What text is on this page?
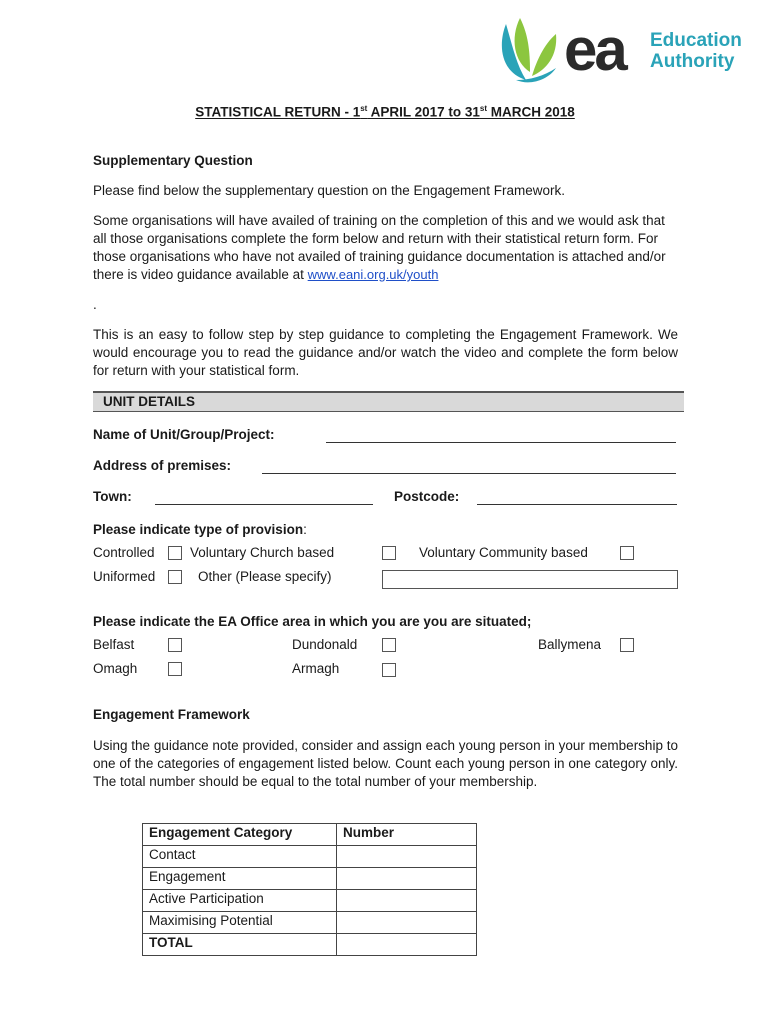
ea Education
Authority
STATISTICAL RETURN - 1st APRIL 2017 to 31st MARCH 2018
Supplementary Question
Please find below the supplementary question on the Engagement Framework.
Some organisations will have availed of training on the completion of this and we would ask that all those organisations complete the form below and return with their statistical return form. For those organisations who have not availed of training guidance documentation is attached and/or there is video guidance available at www.eani.org.uk/youth
.
This is an easy to follow step by step guidance to completing the Engagement Framework. We would encourage you to read the guidance and/or watch the video and complete the form below for return with your statistical form.
UNIT DETAILS
Name of Unit/Group/Project:
Address of premises:
Town:	Postcode:
Please indicate type of provision:
Controlled	Voluntary Church based	Voluntary Community based
Uniformed	Other (Please specify)
Please indicate the EA Office area in which you are you are situated;
Belfast	Dundonald	Ballymena
Omagh	Armagh
Engagement Framework
Using the guidance note provided, consider and assign each young person in your membership to one of the categories of engagement listed below. Count each young person in one category only. The total number should be equal to the total number of your membership.
Engagement Category	Number
Contact	
Engagement	
Active Participation	
Maximising Potential	
TOTAL	
